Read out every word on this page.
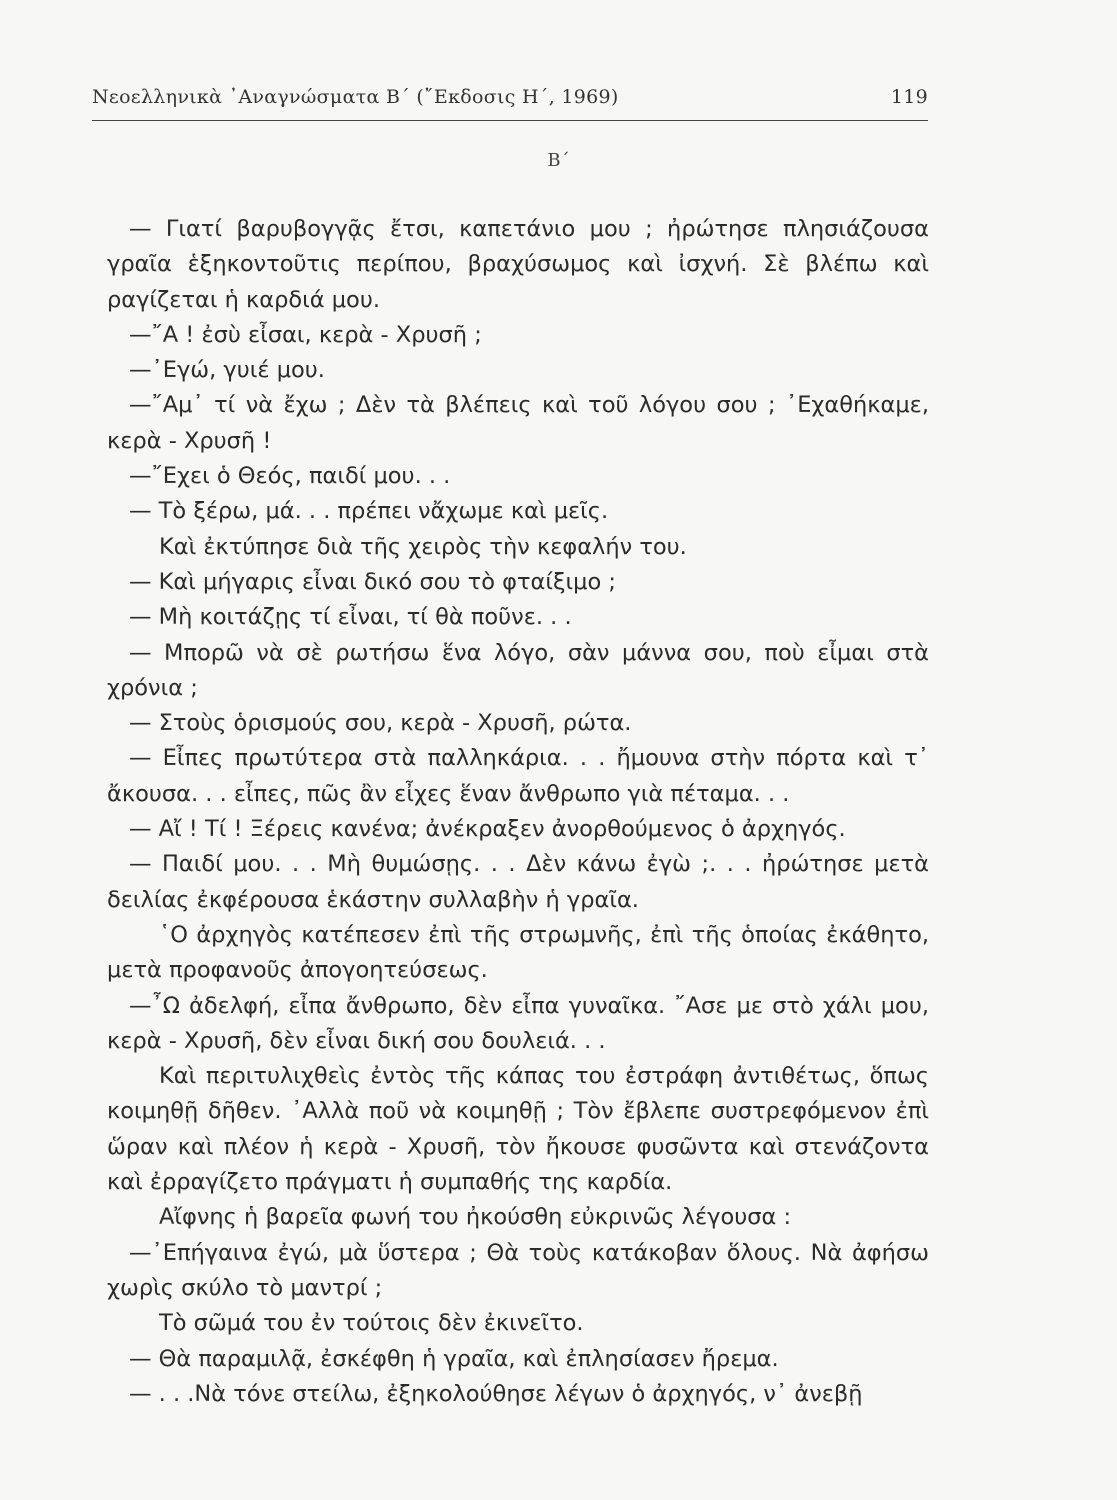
Νεοελληνικὰ ᾿Αναγνώσματα Β΄ (῎Εκδοσις Η΄, 1969)	119
Β΄

— Γιατί βαρυβογγᾷς ἔτσι, καπετάνιο μου ; ἠρώτησε πλησιάζουσα γραῖα ἑξηκοντοῦτις περίπου, βραχύσωμος καὶ ἰσχνή. Σὲ βλέπω καὶ ραγίζεται ἡ καρδιά μου.

—῎Α ! ἐσὺ εἶσαι, κερὰ - Χρυσῆ ;

—᾿Εγώ, γυιέ μου.

—῎Αμ᾿ τί νὰ ἔχω ; Δὲν τὰ βλέπεις καὶ τοῦ λόγου σου ; ᾿Εχαθήκαμε, κερὰ - Χρυσῆ !

—῎Εχει ὁ Θεός, παιδί μου. . .

— Τὸ ξέρω, μά. . . πρέπει νἄχωμε καὶ μεῖς.

Καὶ ἐκτύπησε διὰ τῆς χειρὸς τὴν κεφαλήν του.

— Καὶ μήγαρις εἶναι δικό σου τὸ φταίξιμο ;

— Μὴ κοιτάζῃς τί εἶναι, τί θὰ ποῦνε. . .

— Μπορῶ νὰ σὲ ρωτήσω ἕνα λόγο, σὰν μάννα σου, ποὺ εἶμαι στὰ χρόνια ;

— Στοὺς ὁρισμούς σου, κερὰ - Χρυσῆ, ρώτα.

— Εἶπες πρωτύτερα στὰ παλληκάρια. . . ἤμουνα στὴν πόρτα καὶ τ᾿ ἄκουσα. . . εἶπες, πῶς ἂν εἶχες ἕναν ἄνθρωπο γιὰ πέταμα. . .

— Αἴ ! Τί ! Ξέρεις κανένα; ἀνέκραξεν ἀνορθούμενος ὁ ἀρχηγός.

— Παιδί μου. . . Μὴ θυμώσῃς. . . Δὲν κάνω ἐγὼ ;. . . ἠρώτησε μετὰ δειλίας ἐκφέρουσα ἑκάστην συλλαβὴν ἡ γραῖα.

῾Ο ἀρχηγὸς κατέπεσεν ἐπὶ τῆς στρωμνῆς, ἐπὶ τῆς ὁποίας ἐκάθητο, μετὰ προφανοῦς ἀπογοητεύσεως.

—῏Ω ἀδελφή, εἶπα ἄνθρωπο, δὲν εἶπα γυναῖκα. ῎Ασε με στὸ χάλι μου, κερὰ - Χρυσῆ, δὲν εἶναι δική σου δουλειά. . .

Καὶ περιτυλιχθεὶς ἐντὸς τῆς κάπας του ἐστράφη ἀντιθέτως, ὅπως κοιμηθῇ δῆθεν. ᾿Αλλὰ ποῦ νὰ κοιμηθῇ ; Τὸν ἔβλεπε συστρεφόμενον ἐπὶ ὥραν καὶ πλέον ἡ κερὰ - Χρυσῆ, τὸν ἤκουσε φυσῶντα καὶ στενάζοντα καὶ ἐρραγίζετο πράγματι ἡ συμπαθής της καρδία.

Αἴφνης ἡ βαρεῖα φωνή του ἠκούσθη εὐκρινῶς λέγουσα :

—᾿Επήγαινα ἐγώ, μὰ ὕστερα ; Θὰ τοὺς κατάκοβαν ὅλους. Νὰ ἀφήσω χωρὶς σκύλο τὸ μαντρί ;

Τὸ σῶμά του ἐν τούτοις δὲν ἐκινεῖτο.

— Θὰ παραμιλᾷ, ἐσκέφθη ἡ γραῖα, καὶ ἐπλησίασεν ἤρεμα.

— . . .Νὰ τόνε στείλω, ἐξηκολούθησε λέγων ὁ ἀρχηγός, ν᾿ ἀνεβῇ
